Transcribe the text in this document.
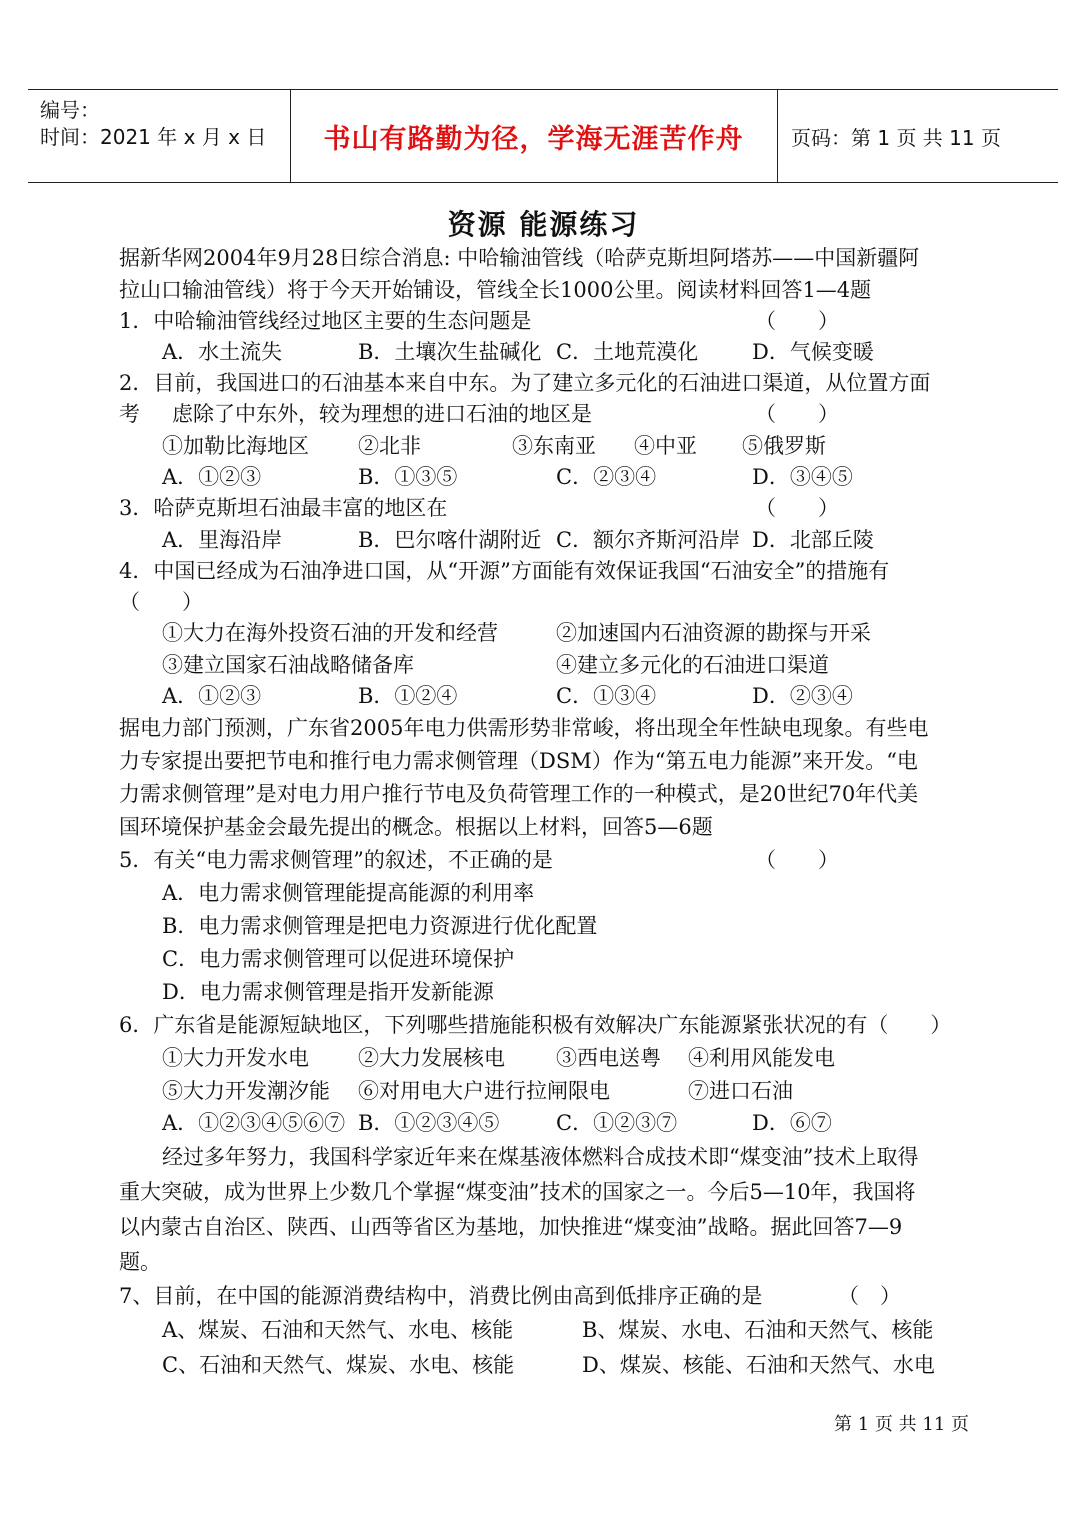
编号：
时间：2021 年 x 月 x 日 书山有路勤为径，学海无涯苦作舟 页码：第 1 页 共 11 页
资源 能源练习
据新华网2004年9月28日综合消息: 中哈输油管线（哈萨克斯坦阿塔苏——中国新疆阿
拉山口输油管线）将于今天开始铺设，管线全长1000公里。阅读材料回答1—4题
1．中哈输油管线经过地区主要的生态问题是	（　　）
A．水土流失	B．土壤次生盐碱化 C．土地荒漠化	D．气候变暖
2．目前，我国进口的石油基本来自中东。为了建立多元化的石油进口渠道，从位置方面
考 虑除了中东外，较为理想的进口石油的地区是	（　　）
①加勒比海地区 ②北非	③东南亚 ④中亚 ⑤俄罗斯
A．①②③	B．①③⑤	C．②③④	D．③④⑤
3．哈萨克斯坦石油最丰富的地区在	（　　）
A．里海沿岸	B．巴尔喀什湖附近 C．额尔齐斯河沿岸 D．北部丘陵
4．中国已经成为石油净进口国，从“开源”方面能有效保证我国“石油安全”的措施有
（　　）
①大力在海外投资石油的开发和经营	②加速国内石油资源的勘探与开采
③建立国家石油战略储备库	④建立多元化的石油进口渠道
A．①②③	B．①②④	C．①③④	D．②③④
据电力部门预测，广东省2005年电力供需形势非常峻，将出现全年性缺电现象。有些电
力专家提出要把节电和推行电力需求侧管理（DSM）作为“第五电力能源”来开发。“电
力需求侧管理”是对电力用户推行节电及负荷管理工作的一种模式，是20世纪70年代美
国环境保护基金会最先提出的概念。根据以上材料，回答5—6题
5．有关“电力需求侧管理”的叙述，不正确的是	（　　）
A．电力需求侧管理能提高能源的利用率
B．电力需求侧管理是把电力资源进行优化配置
C．电力需求侧管理可以促进环境保护
D．电力需求侧管理是指开发新能源
6．广东省是能源短缺地区，下列哪些措施能积极有效解决广东能源紧张状况的有（　　）
①大力开发水电 ②大力发展核电 ③西电送粤 ④利用风能发电
⑤大力开发潮汐能 ⑥对用电大户进行拉闸限电	⑦进口石油
A．①②③④⑤⑥⑦ B．①②③④⑤	C．①②③⑦	D．⑥⑦
经过多年努力，我国科学家近年来在煤基液体燃料合成技术即“煤变油”技术上取得
重大突破，成为世界上少数几个掌握“煤变油”技术的国家之一。今后5—10年，我国将
以内蒙古自治区、陕西、山西等省区为基地，加快推进“煤变油”战略。据此回答7—9
题。
7、目前，在中国的能源消费结构中，消费比例由高到低排序正确的是	（　）
A、煤炭、石油和天然气、水电、核能	B、煤炭、水电、石油和天然气、核能
C、石油和天然气、煤炭、水电、核能	D、煤炭、核能、石油和天然气、水电
第 1 页 共 11 页
